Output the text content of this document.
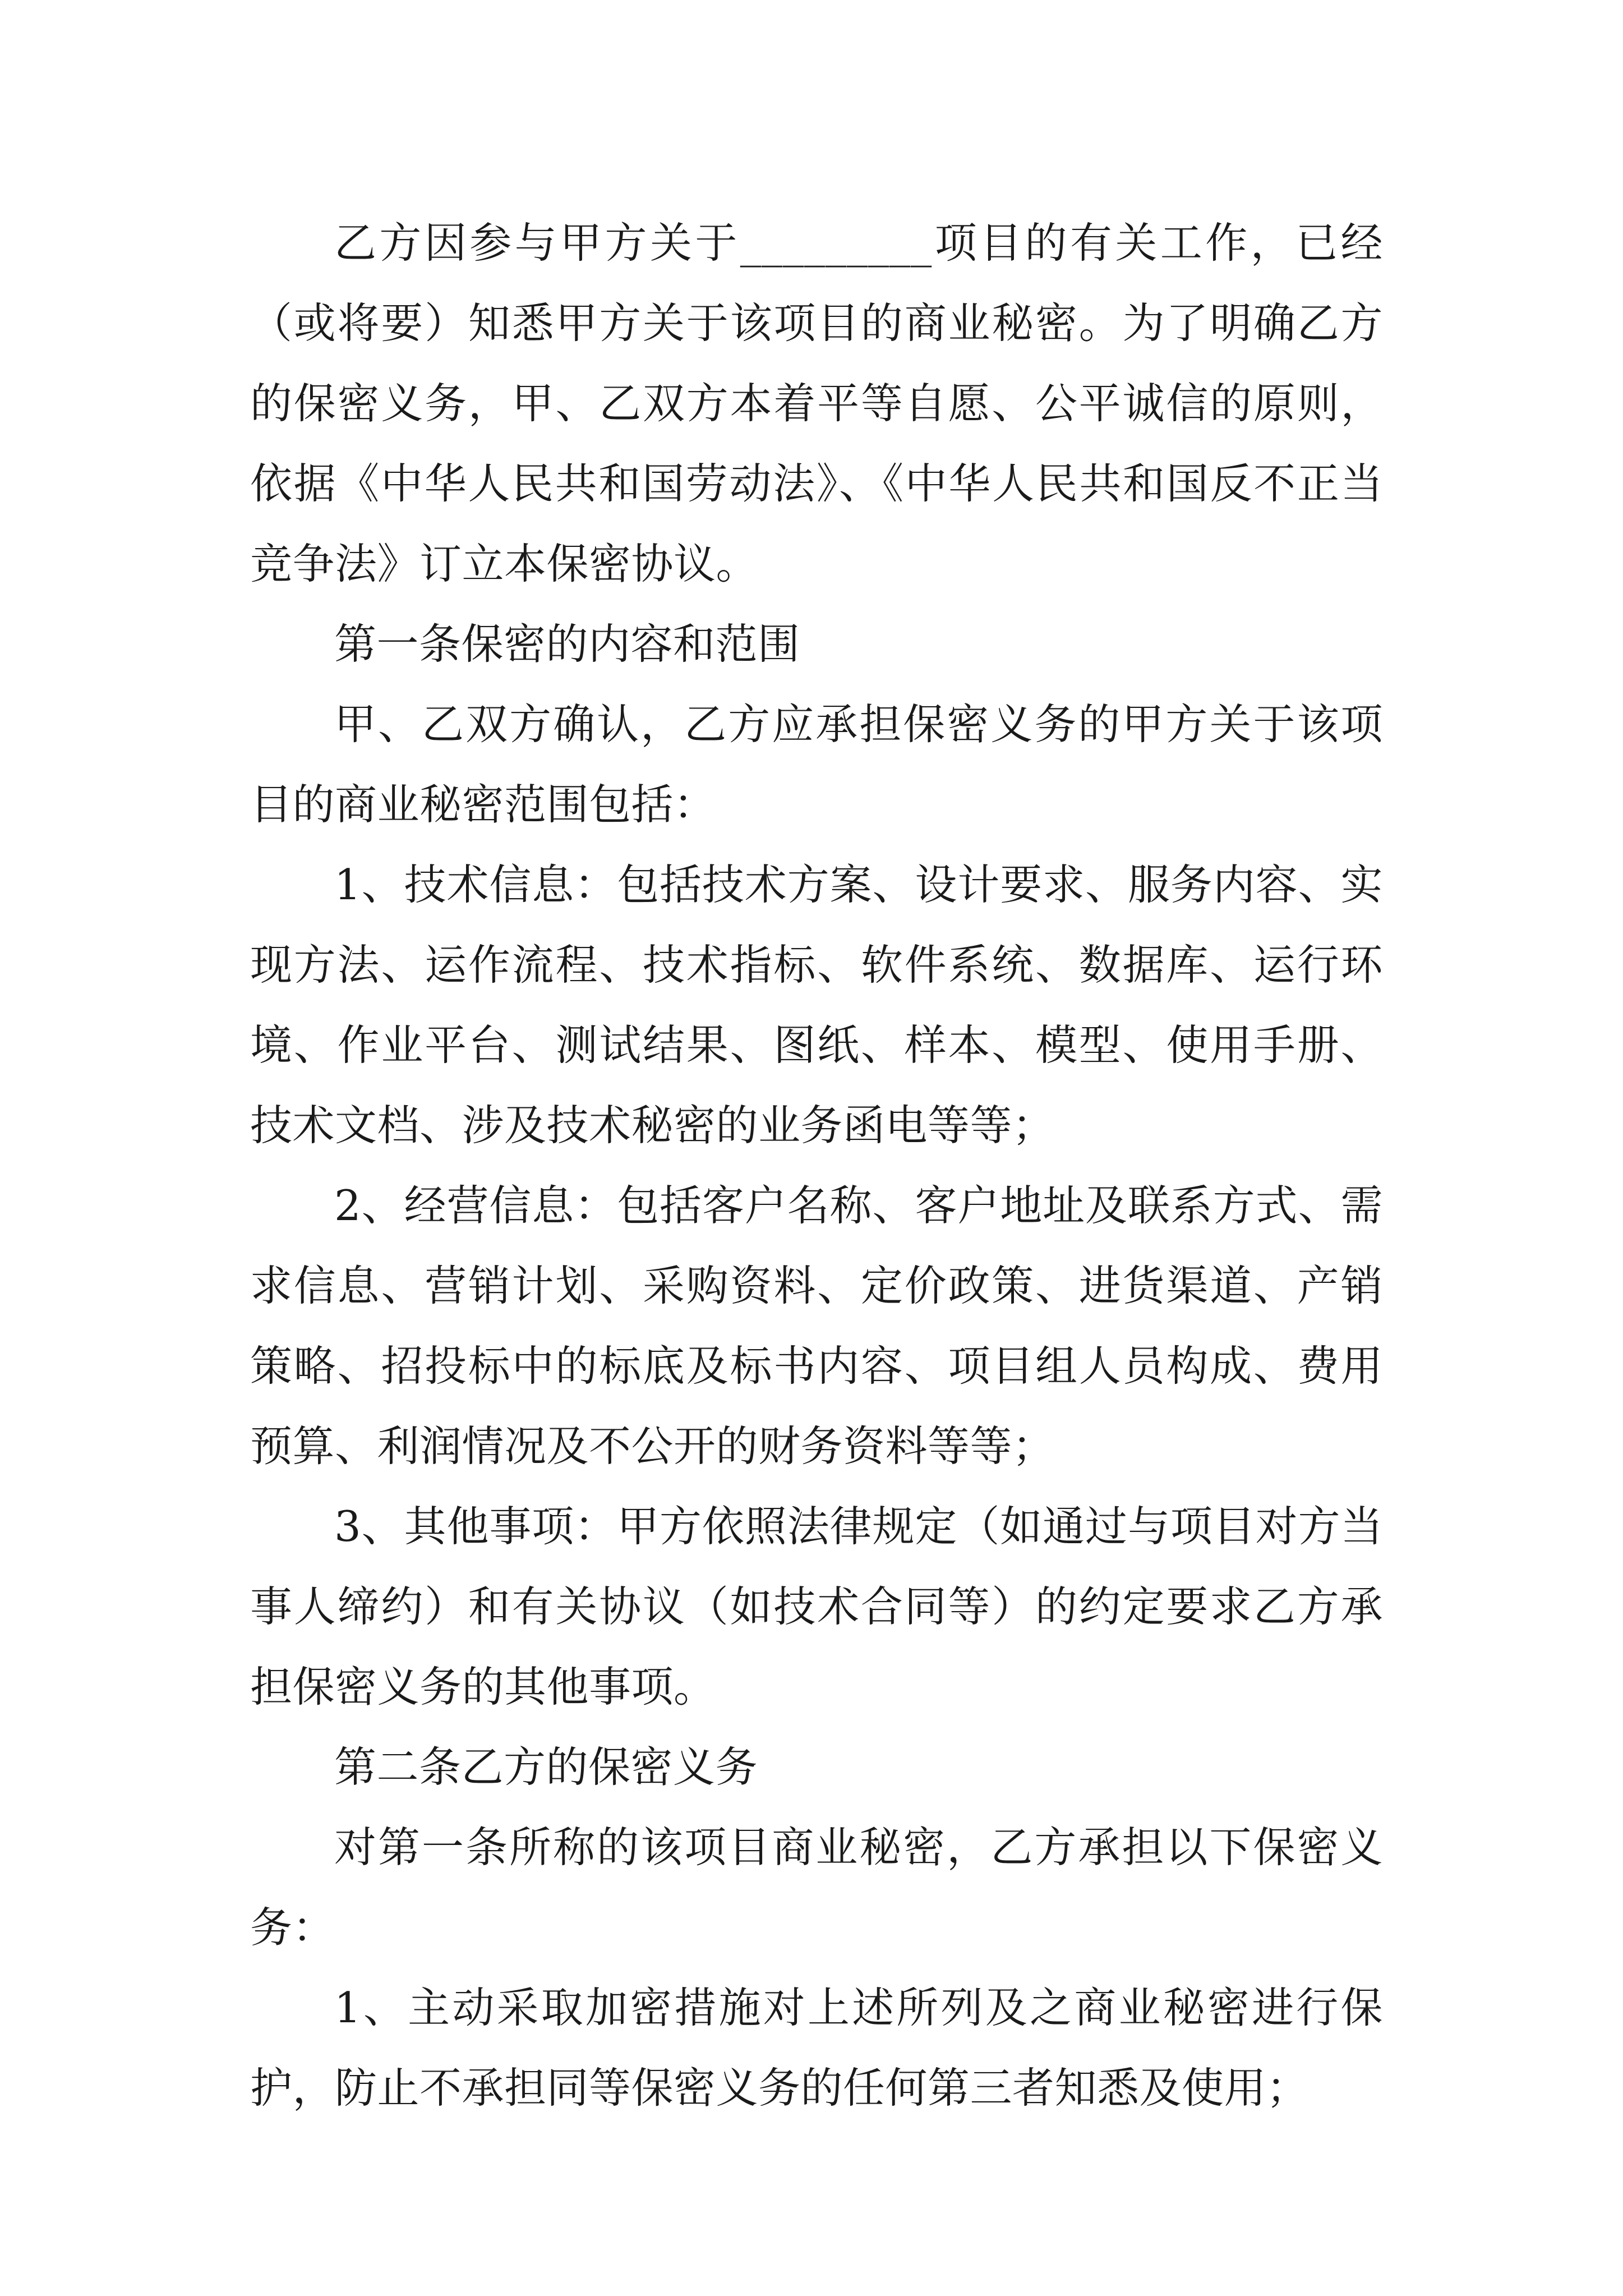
乙方因参与甲方关于_________项目的有关工作，已经（或将要）知悉甲方关于该项目的商业秘密。为了明确乙方的保密义务，甲、乙双方本着平等自愿、公平诚信的原则，依据《中华人民共和国劳动法》、《中华人民共和国反不正当竞争法》订立本保密协议。

第一条保密的内容和范围

甲、乙双方确认，乙方应承担保密义务的甲方关于该项目的商业秘密范围包括：

1、技术信息：包括技术方案、设计要求、服务内容、实现方法、运作流程、技术指标、软件系统、数据库、运行环境、作业平台、测试结果、图纸、样本、模型、使用手册、技术文档、涉及技术秘密的业务函电等等；

2、经营信息：包括客户名称、客户地址及联系方式、需求信息、营销计划、采购资料、定价政策、进货渠道、产销策略、招投标中的标底及标书内容、项目组人员构成、费用预算、利润情况及不公开的财务资料等等；

3、其他事项：甲方依照法律规定（如通过与项目对方当事人缔约）和有关协议（如技术合同等）的约定要求乙方承担保密义务的其他事项。

第二条乙方的保密义务

对第一条所称的该项目商业秘密，乙方承担以下保密义务：

1、主动采取加密措施对上述所列及之商业秘密进行保护，防止不承担同等保密义务的任何第三者知悉及使用；
